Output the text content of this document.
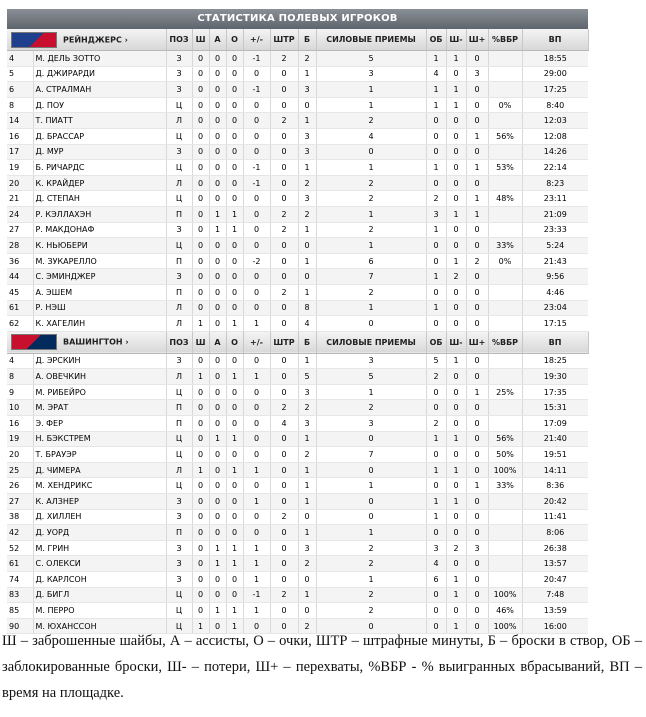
СТАТИСТИКА ПОЛЕВЫХ ИГРОКОВ
РЕЙНДЖЕРС ›		ПОЗ	Ш	А	О	+/-	ШТР	Б	СИЛОВЫЕ ПРИЕМЫ	ОБ	Ш-	Ш+	%ВБР	ВП
4	М. ДЕЛЬ ЗОТТО	З	0	0	0	-1	2	2	5	1	1	0		18:55
5	Д. ДЖИРАРДИ	З	0	0	0	0	0	1	3	4	0	3		29:00
6	А. СТРАЛМАН	З	0	0	0	-1	0	3	1	1	1	0		17:25
8	Д. ПОУ	Ц	0	0	0	0	0	0	1	1	1	0	0%	8:40
14	Т. ПИАТТ	Л	0	0	0	0	2	1	2	0	0	0		12:03
16	Д. БРАССАР	Ц	0	0	0	0	0	3	4	0	0	1	56%	12:08
17	Д. МУР	З	0	0	0	0	0	3	0	0	0	0		14:26
19	Б. РИЧАРДС	Ц	0	0	0	-1	0	1	1	1	0	1	53%	22:14
20	К. КРАЙДЕР	Л	0	0	0	-1	0	2	2	0	0	0		8:23
21	Д. СТЕПАН	Ц	0	0	0	0	0	3	2	2	0	1	48%	23:11
24	Р. КЭЛЛАХЭН	П	0	1	1	0	2	2	1	3	1	1		21:09
27	Р. МАКДОНАФ	З	0	1	1	0	2	1	2	1	0	0		23:33
28	К. НЬЮБЕРИ	Ц	0	0	0	0	0	0	1	0	0	0	33%	5:24
36	М. ЗУКАРЕЛЛО	П	0	0	0	-2	0	1	6	0	1	2	0%	21:43
44	С. ЭМИНДЖЕР	З	0	0	0	0	0	0	7	1	2	0		9:56
45	А. ЭШЕМ	П	0	0	0	0	2	1	2	0	0	0		4:46
61	Р. НЭШ	Л	0	0	0	0	0	8	1	1	0	0		23:04
62	К. ХАГЕЛИН	Л	1	0	1	1	0	4	0	0	0	0		17:15
ВАШИНГТОН ›		ПОЗ	Ш	А	О	+/-	ШТР	Б	СИЛОВЫЕ ПРИЕМЫ	ОБ	Ш-	Ш+	%ВБР	ВП
4	Д. ЭРСКИН	З	0	0	0	0	0	1	3	5	1	0		18:25
8	А. ОВЕЧКИН	Л	1	0	1	1	0	5	5	2	0	0		19:30
9	М. РИБЕЙРО	Ц	0	0	0	0	0	3	1	0	0	1	25%	17:35
10	М. ЭРАТ	П	0	0	0	0	2	2	2	0	0	0		15:31
16	Э. ФЕР	П	0	0	0	0	4	3	3	2	0	0		17:09
19	Н. БЭКСТРЕМ	Ц	0	1	1	0	0	1	0	1	1	0	56%	21:40
20	Т. БРАУЭР	Ц	0	0	0	0	0	2	7	0	0	0	50%	19:51
25	Д. ЧИМЕРА	Л	1	0	1	1	0	1	0	1	1	0	100%	14:11
26	М. ХЕНДРИКС	Ц	0	0	0	0	0	1	1	0	0	1	33%	8:36
27	К. АЛЗНЕР	З	0	0	0	1	0	1	0	1	1	0		20:42
38	Д. ХИЛЛЕН	З	0	0	0	0	2	0	0	1	0	0		11:41
42	Д. УОРД	П	0	0	0	0	0	1	1	0	0	0		8:06
52	М. ГРИН	З	0	1	1	1	0	3	2	3	2	3		26:38
61	С. ОЛЕКСИ	З	0	1	1	1	0	2	2	4	0	0		13:57
74	Д. КАРЛСОН	З	0	0	0	1	0	0	1	6	1	0		20:47
83	Д. БИГЛ	Ц	0	0	0	-1	2	1	2	0	1	0	100%	7:48
85	М. ПЕРРО	Ц	0	1	1	1	0	0	2	0	0	0	46%	13:59
90	М. ЮХАНССОН	Ц	1	0	1	0	0	2	0	0	1	0	100%	16:00
Ш – заброшенные шайбы, А – ассисты, О – очки, ШТР – штрафные минуты, Б – броски в створ, ОБ – заблокированные броски, Ш- – потери, Ш+ – перехваты, %ВБР - % выигранных вбрасываний, ВП – время на площадке.
